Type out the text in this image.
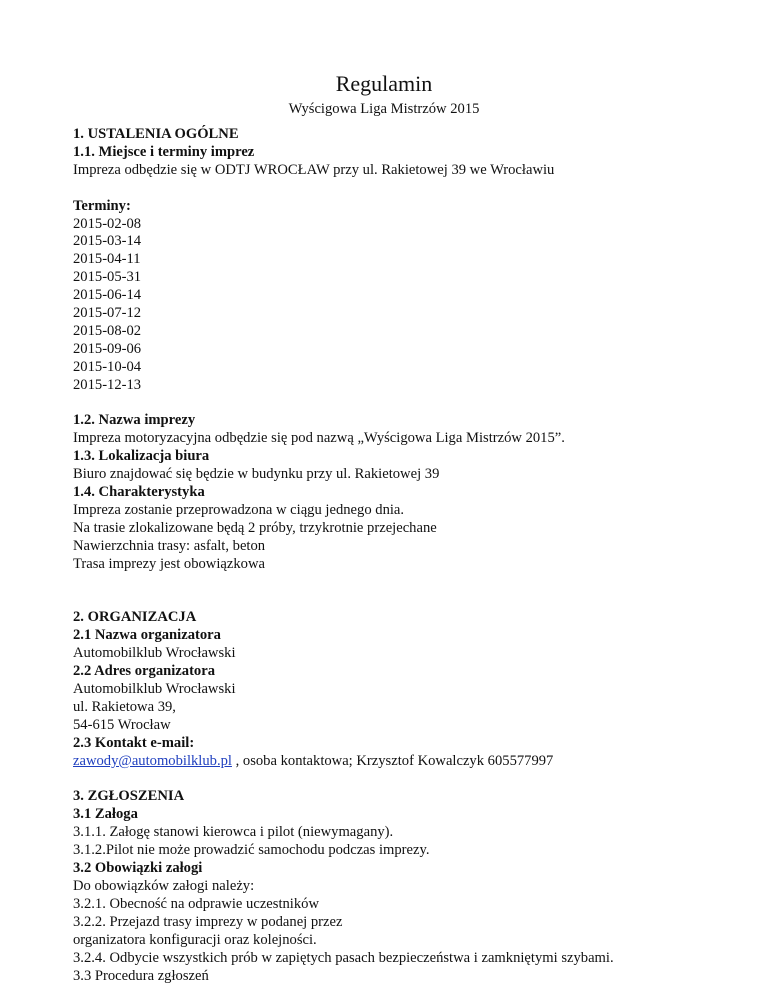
Regulamin
Wyścigowa Liga Mistrzów 2015
1. USTALENIA OGÓLNE
1.1. Miejsce i terminy imprez
Impreza odbędzie się w ODTJ WROCŁAW przy ul. Rakietowej 39 we Wrocławiu
Terminy:
2015-02-08
2015-03-14
2015-04-11
2015-05-31
2015-06-14
2015-07-12
2015-08-02
2015-09-06
2015-10-04
2015-12-13
1.2. Nazwa imprezy
Impreza motoryzacyjna odbędzie się pod nazwą „Wyścigowa Liga Mistrzów 2015”.
1.3. Lokalizacja biura
Biuro znajdować się będzie w budynku przy ul. Rakietowej 39
1.4. Charakterystyka
Impreza zostanie przeprowadzona w ciągu jednego dnia.
Na trasie zlokalizowane będą 2 próby, trzykrotnie przejechane
Nawierzchnia trasy: asfalt, beton
Trasa imprezy jest obowiązkowa
2. ORGANIZACJA
2.1 Nazwa organizatora
Automobilklub Wrocławski
2.2 Adres organizatora
Automobilklub Wrocławski
ul. Rakietowa 39,
54-615 Wrocław
2.3 Kontakt e-mail:
zawody@automobilklub.pl , osoba kontaktowa; Krzysztof Kowalczyk 605577997
3. ZGŁOSZENIA
3.1 Załoga
3.1.1. Załogę stanowi kierowca i pilot (niewymagany).
3.1.2.Pilot nie może prowadzić samochodu podczas imprezy.
3.2 Obowiązki załogi
Do obowiązków załogi należy:
3.2.1. Obecność na odprawie uczestników
3.2.2. Przejazd trasy imprezy w podanej przez
organizatora konfiguracji oraz kolejności.
3.2.4. Odbycie wszystkich prób w zapiętych pasach bezpieczeństwa i zamkniętymi szybami.
3.3 Procedura zgłoszeń
